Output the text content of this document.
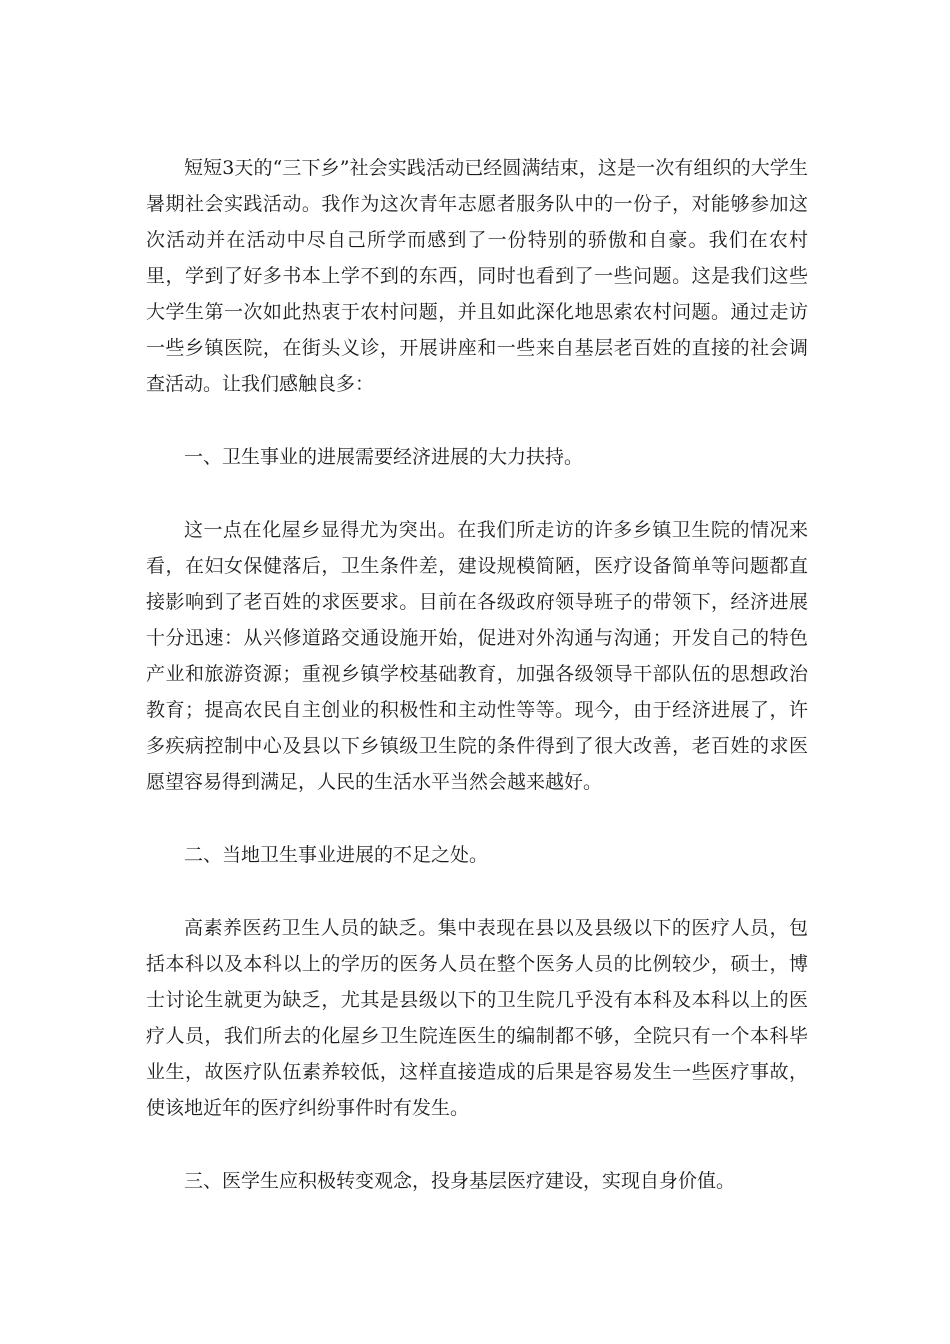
短短3天的“三下乡”社会实践活动已经圆满结束，这是一次有组织的大学生暑期社会实践活动。我作为这次青年志愿者服务队中的一份子，对能够参加这次活动并在活动中尽自己所学而感到了一份特别的骄傲和自豪。我们在农村里，学到了好多书本上学不到的东西，同时也看到了一些问题。这是我们这些大学生第一次如此热衷于农村问题，并且如此深化地思索农村问题。通过走访一些乡镇医院，在街头义诊，开展讲座和一些来自基层老百姓的直接的社会调查活动。让我们感触良多：

一、卫生事业的进展需要经济进展的大力扶持。

这一点在化屋乡显得尤为突出。在我们所走访的许多乡镇卫生院的情况来看，在妇女保健落后，卫生条件差，建设规模简陋，医疗设备简单等问题都直接影响到了老百姓的求医要求。目前在各级政府领导班子的带领下，经济进展十分迅速：从兴修道路交通设施开始，促进对外沟通与沟通；开发自己的特色产业和旅游资源；重视乡镇学校基础教育，加强各级领导干部队伍的思想政治教育；提高农民自主创业的积极性和主动性等等。现今，由于经济进展了，许多疾病控制中心及县以下乡镇级卫生院的条件得到了很大改善，老百姓的求医愿望容易得到满足，人民的生活水平当然会越来越好。

二、当地卫生事业进展的不足之处。

高素养医药卫生人员的缺乏。集中表现在县以及县级以下的医疗人员，包括本科以及本科以上的学历的医务人员在整个医务人员的比例较少，硕士，博士讨论生就更为缺乏，尤其是县级以下的卫生院几乎没有本科及本科以上的医疗人员，我们所去的化屋乡卫生院连医生的编制都不够，全院只有一个本科毕业生，故医疗队伍素养较低，这样直接造成的后果是容易发生一些医疗事故，使该地近年的医疗纠纷事件时有发生。

三、医学生应积极转变观念，投身基层医疗建设，实现自身价值。
